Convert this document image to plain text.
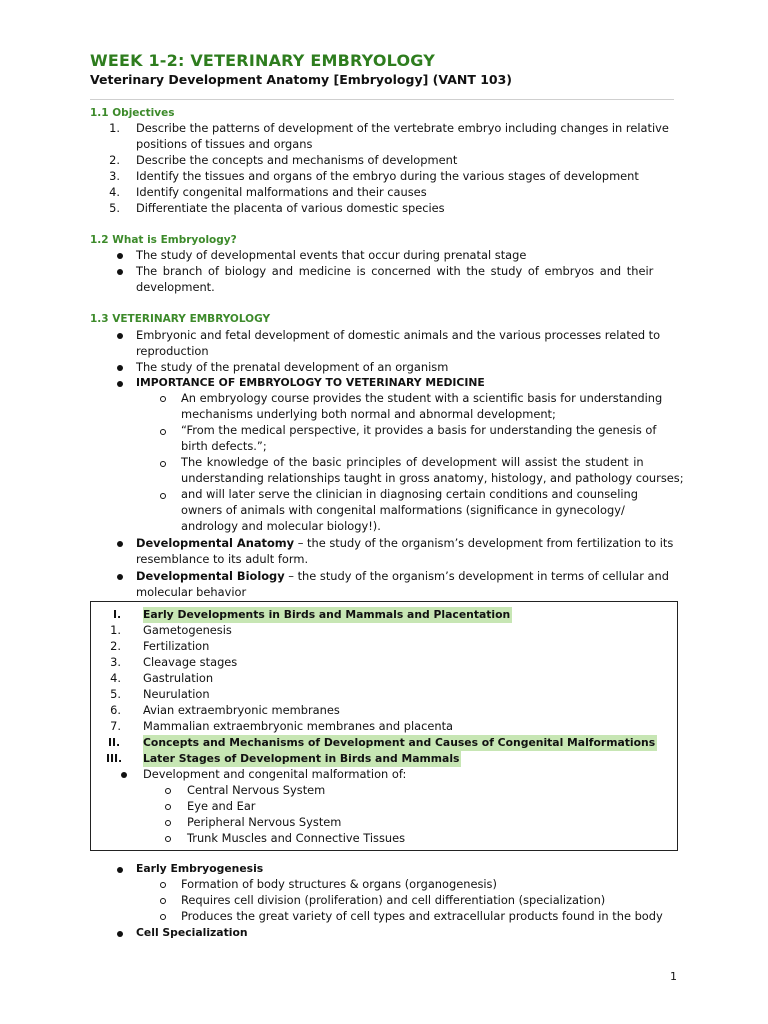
WEEK 1-2: VETERINARY EMBRYOLOGY
Veterinary Development Anatomy [Embryology] (VANT 103)
1.1 Objectives
1. Describe the patterns of development of the vertebrate embryo including changes in relative
positions of tissues and organs
2. Describe the concepts and mechanisms of development
3. Identify the tissues and organs of the embryo during the various stages of development
4. Identify congenital malformations and their causes
5. Differentiate the placenta of various domestic species
1.2 What is Embryology?
The study of developmental events that occur during prenatal stage
The branch of biology and medicine is concerned with the study of embryos and their
development.
1.3 VETERINARY EMBRYOLOGY
Embryonic and fetal development of domestic animals and the various processes related to
reproduction
The study of the prenatal development of an organism
IMPORTANCE OF EMBRYOLOGY TO VETERINARY MEDICINE
An embryology course provides the student with a scientific basis for understanding
mechanisms underlying both normal and abnormal development;
“From the medical perspective, it provides a basis for understanding the genesis of
birth defects.”;
The knowledge of the basic principles of development will assist the student in
understanding relationships taught in gross anatomy, histology, and pathology courses;
and will later serve the clinician in diagnosing certain conditions and counseling
owners of animals with congenital malformations (significance in gynecology/
andrology and molecular biology!).
Developmental Anatomy – the study of the organism’s development from fertilization to its
resemblance to its adult form.
Developmental Biology – the study of the organism’s development in terms of cellular and
molecular behavior
I. Early Developments in Birds and Mammals and Placentation
1. Gametogenesis
2. Fertilization
3. Cleavage stages
4. Gastrulation
5. Neurulation
6. Avian extraembryonic membranes
7. Mammalian extraembryonic membranes and placenta
II. Concepts and Mechanisms of Development and Causes of Congenital Malformations
III. Later Stages of Development in Birds and Mammals
Development and congenital malformation of:
Central Nervous System
Eye and Ear
Peripheral Nervous System
Trunk Muscles and Connective Tissues
Early Embryogenesis
Formation of body structures & organs (organogenesis)
Requires cell division (proliferation) and cell differentiation (specialization)
Produces the great variety of cell types and extracellular products found in the body
Cell Specialization
1
